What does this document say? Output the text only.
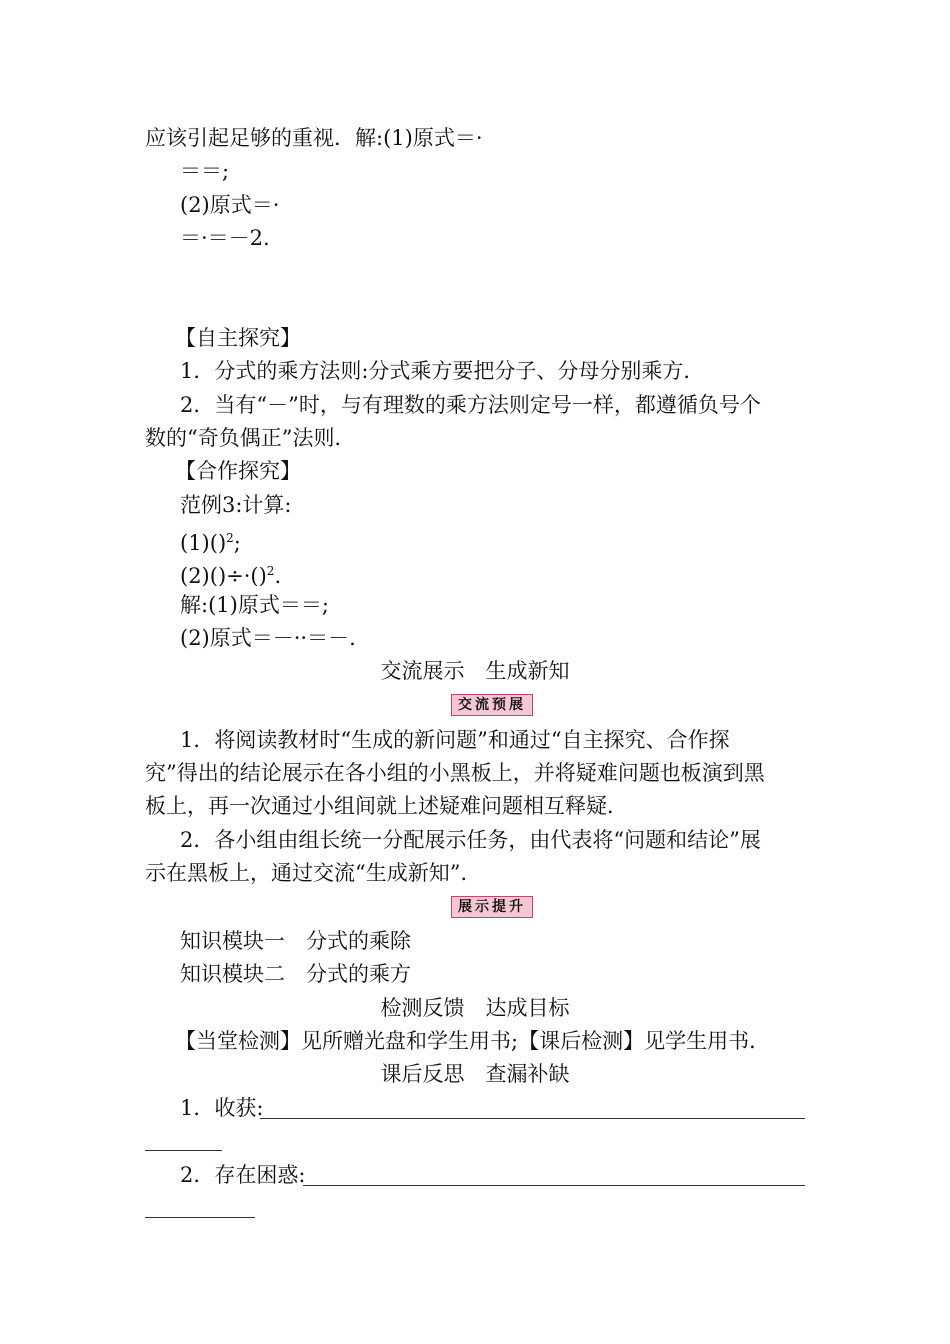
应该引起足够的重视．解:(1)原式＝·
＝＝;
(2)原式＝·
＝·＝－2.
【自主探究】
1．分式的乘方法则:分式乘方要把分子、分母分别乘方．
2．当有“－”时，与有理数的乘方法则定号一样，都遵循负号个
数的“奇负偶正”法则．
【合作探究】
范例3:计算:
(1)()$^2$;
(2)()÷·()$^2$.
解:(1)原式＝＝;
(2)原式＝－··＝－.
交流展示　生成新知
交流预展
1．将阅读教材时“生成的新问题”和通过“自主探究、合作探
究”得出的结论展示在各小组的小黑板上，并将疑难问题也板演到黑
板上，再一次通过小组间就上述疑难问题相互释疑．
2．各小组由组长统一分配展示任务，由代表将“问题和结论”展
示在黑板上，通过交流“生成新知”．
展示提升
知识模块一　分式的乘除
知识模块二　分式的乘方
检测反馈　达成目标
【当堂检测】见所赠光盘和学生用书;【课后检测】见学生用书．
课后反思　查漏补缺
1．收获:
2．存在困惑:
